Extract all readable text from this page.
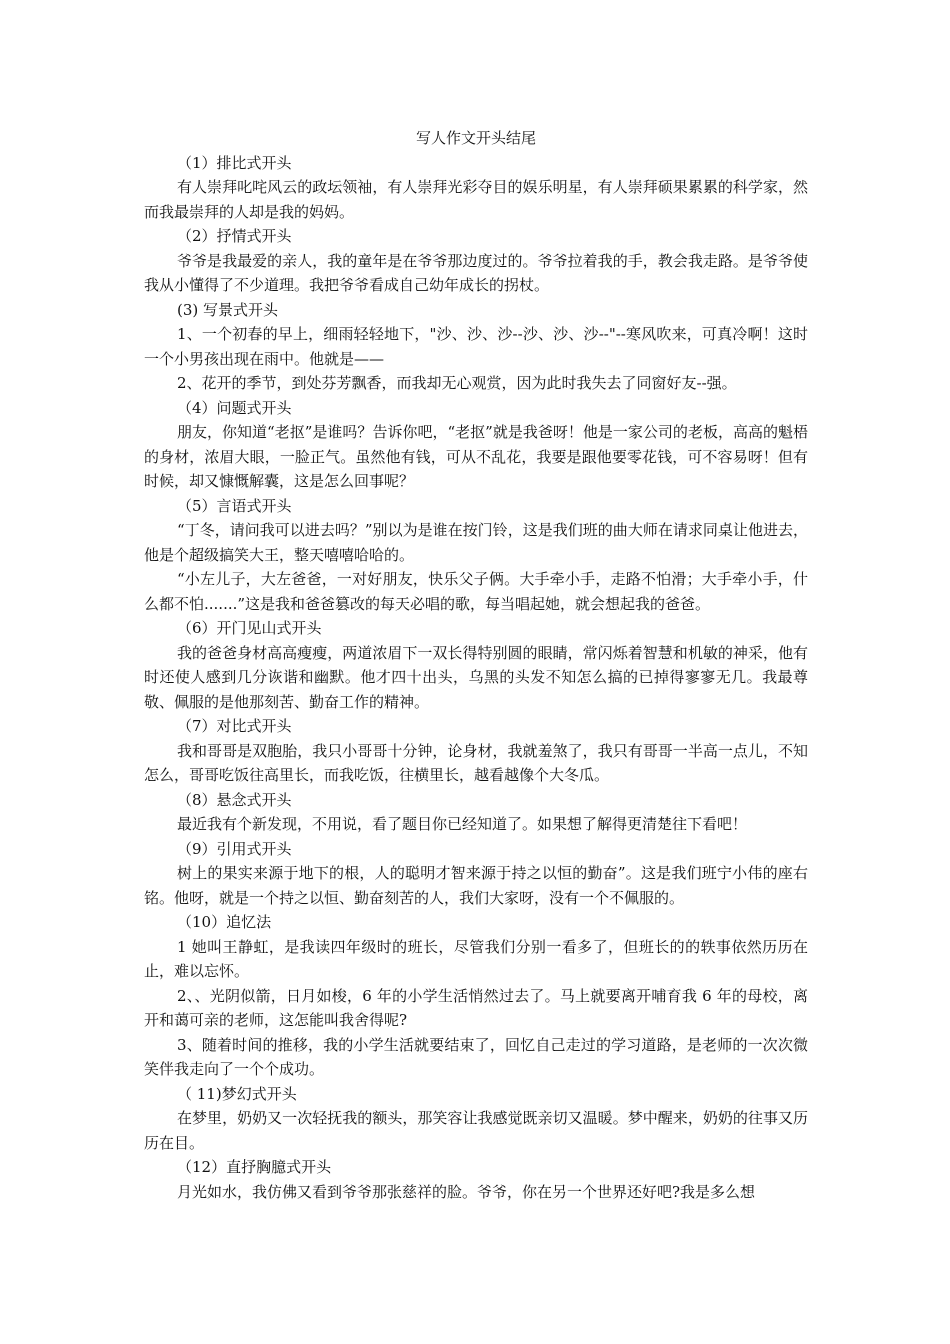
写人作文开头结尾

（1）排比式开头

有人崇拜叱咤风云的政坛领袖，有人崇拜光彩夺目的娱乐明星，有人崇拜硕果累累的科学家，然而我最崇拜的人却是我的妈妈。

（2）抒情式开头

爷爷是我最爱的亲人，我的童年是在爷爷那边度过的。爷爷拉着我的手，教会我走路。是爷爷使我从小懂得了不少道理。我把爷爷看成自己幼年成长的拐杖。

(3) 写景式开头

1、一个初春的早上，细雨轻轻地下，"沙、沙、沙--沙、沙、沙--"--寒风吹来，可真冷啊！这时一个小男孩出现在雨中。他就是——

2、花开的季节，到处芬芳飘香，而我却无心观赏，因为此时我失去了同窗好友--强。

（4）问题式开头

朋友，你知道“老抠”是谁吗？告诉你吧，“老抠”就是我爸呀！他是一家公司的老板，高高的魁梧的身材，浓眉大眼，一脸正气。虽然他有钱，可从不乱花，我要是跟他要零花钱，可不容易呀！但有时候，却又慷慨解囊，这是怎么回事呢？

（5）言语式开头

“丁冬，请问我可以进去吗？”别以为是谁在按门铃，这是我们班的曲大师在请求同桌让他进去，他是个超级搞笑大王，整天嘻嘻哈哈的。

“小左儿子，大左爸爸，一对好朋友，快乐父子俩。大手牵小手，走路不怕滑；大手牵小手，什么都不怕.......”这是我和爸爸篡改的每天必唱的歌，每当唱起她，就会想起我的爸爸。

（6）开门见山式开头

我的爸爸身材高高瘦瘦，两道浓眉下一双长得特别圆的眼睛，常闪烁着智慧和机敏的神采，他有时还使人感到几分诙谐和幽默。他才四十出头，乌黑的头发不知怎么搞的已掉得寥寥无几。我最尊敬、佩服的是他那刻苦、勤奋工作的精神。

（7）对比式开头

我和哥哥是双胞胎，我只小哥哥十分钟，论身材，我就羞煞了，我只有哥哥一半高一点儿，不知怎么，哥哥吃饭往高里长，而我吃饭，往横里长，越看越像个大冬瓜。

（8）悬念式开头

最近我有个新发现，不用说，看了题目你已经知道了。如果想了解得更清楚往下看吧！

（9）引用式开头

树上的果实来源于地下的根，人的聪明才智来源于持之以恒的勤奋”。这是我们班宁小伟的座右铭。他呀，就是一个持之以恒、勤奋刻苦的人，我们大家呀，没有一个不佩服的。

（10）追忆法

1 她叫王静虹，是我读四年级时的班长，尽管我们分别一看多了，但班长的的轶事依然历历在止，难以忘怀。

2、、光阴似箭，日月如梭，6 年的小学生活悄然过去了。马上就要离开哺育我 6 年的母校，离开和蔼可亲的老师，这怎能叫我舍得呢?

3、随着时间的推移，我的小学生活就要结束了，回忆自己走过的学习道路，是老师的一次次微笑伴我走向了一个个成功。

（ 11)梦幻式开头

在梦里，奶奶又一次轻抚我的额头，那笑容让我感觉既亲切又温暖。梦中醒来，奶奶的往事又历历在目。

（12）直抒胸臆式开头

月光如水，我仿佛又看到爷爷那张慈祥的脸。爷爷，你在另一个世界还好吧?我是多么想
